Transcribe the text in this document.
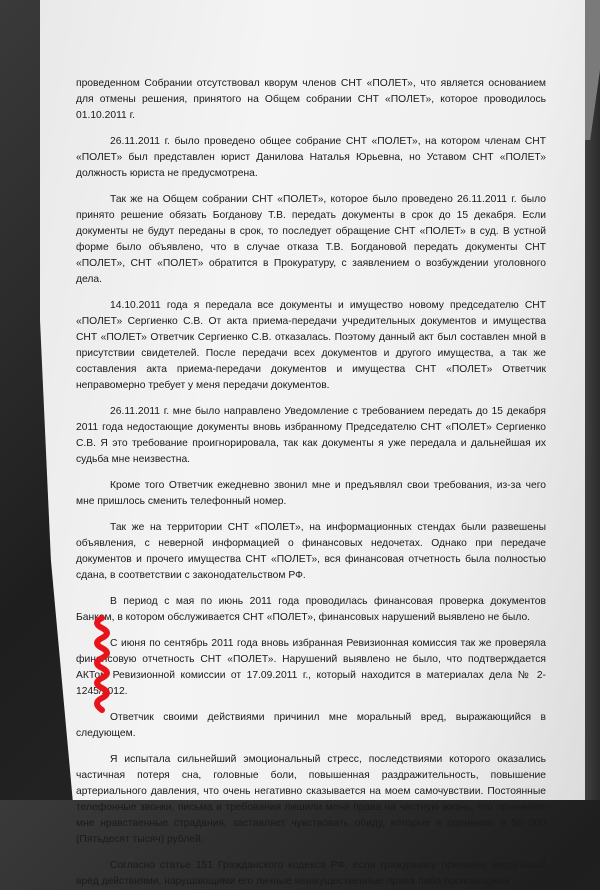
проведенном Собрании отсутствовал кворум членов СНТ «ПОЛЕТ», что является основанием для отмены решения, принятого на Общем собрании СНТ «ПОЛЕТ», которое проводилось 01.10.2011 г.

26.11.2011 г. было проведено общее собрание СНТ «ПОЛЕТ», на котором членам СНТ «ПОЛЕТ» был представлен юрист Данилова Наталья Юрьевна, но Уставом СНТ «ПОЛЕТ» должность юриста не предусмотрена.

Так же на Общем собрании СНТ «ПОЛЕТ», которое было проведено 26.11.2011 г. было принято решение обязать Богданову Т.В. передать документы в срок до 15 декабря. Если документы не будут переданы в срок, то последует обращение СНТ «ПОЛЕТ» в суд. В устной форме было объявлено, что в случае отказа Т.В. Богдановой передать документы СНТ «ПОЛЕТ», СНТ «ПОЛЕТ» обратится в Прокуратуру, с заявлением о возбуждении уголовного дела.

14.10.2011 года я передала все документы и имущество новому председателю СНТ «ПОЛЕТ» Сергиенко С.В. От акта приема-передачи учредительных документов и имущества СНТ «ПОЛЕТ» Ответчик Сергиенко С.В. отказалась. Поэтому данный акт был составлен мной в присутствии свидетелей. После передачи всех документов и другого имущества, а так же составления акта приема-передачи документов и имущества СНТ «ПОЛЕТ» Ответчик неправомерно требует у меня передачи документов.

26.11.2011 г. мне было направлено Уведомление с требованием передать до 15 декабря 2011 года недостающие документы вновь избранному Председателю СНТ «ПОЛЕТ» Сергиенко С.В. Я это требование проигнорировала, так как документы я уже передала и дальнейшая их судьба мне неизвестна.

Кроме того Ответчик ежедневно звонил мне и предъявлял свои требования, из-за чего мне пришлось сменить телефонный номер.

Так же на территории СНТ «ПОЛЕТ», на информационных стендах были развешены объявления, с неверной информацией о финансовых недочетах. Однако при передаче документов и прочего имущества СНТ «ПОЛЕТ», вся финансовая отчетность была полностью сдана, в соответствии с законодательством РФ.

В период с мая по июнь 2011 года проводилась финансовая проверка документов Банком, в котором обслуживается СНТ «ПОЛЕТ», финансовых нарушений выявлено не было.

С июня по сентябрь 2011 года вновь избранная Ревизионная комиссия так же проверяла финансовую отчетность СНТ «ПОЛЕТ». Нарушений выявлено не было, что подтверждается АКТом Ревизионной комиссии от 17.09.2011 г., который находится в материалах дела № 2-1245/2012.

Ответчик своими действиями причинил мне моральный вред, выражающийся в следующем.

Я испытала сильнейший эмоциональный стресс, последствиями которого оказались частичная потеря сна, головные боли, повышенная раздражительность, повышение артериального давления, что очень негативно сказывается на моем самочувствии. Постоянные телефонные звонки, письма и требования лишили меня права на частную жизнь, что причиняет мне нравственные страдания, заставляет чувствовать обиду, которые я оцениваю в 50 000 (Пятьдесят тысяч) рублей.

Согласно статье 151 Гражданского кодекса РФ, если гражданину причинен моральный вред действиями, нарушающими его личные неимущественные права либо посягающими
